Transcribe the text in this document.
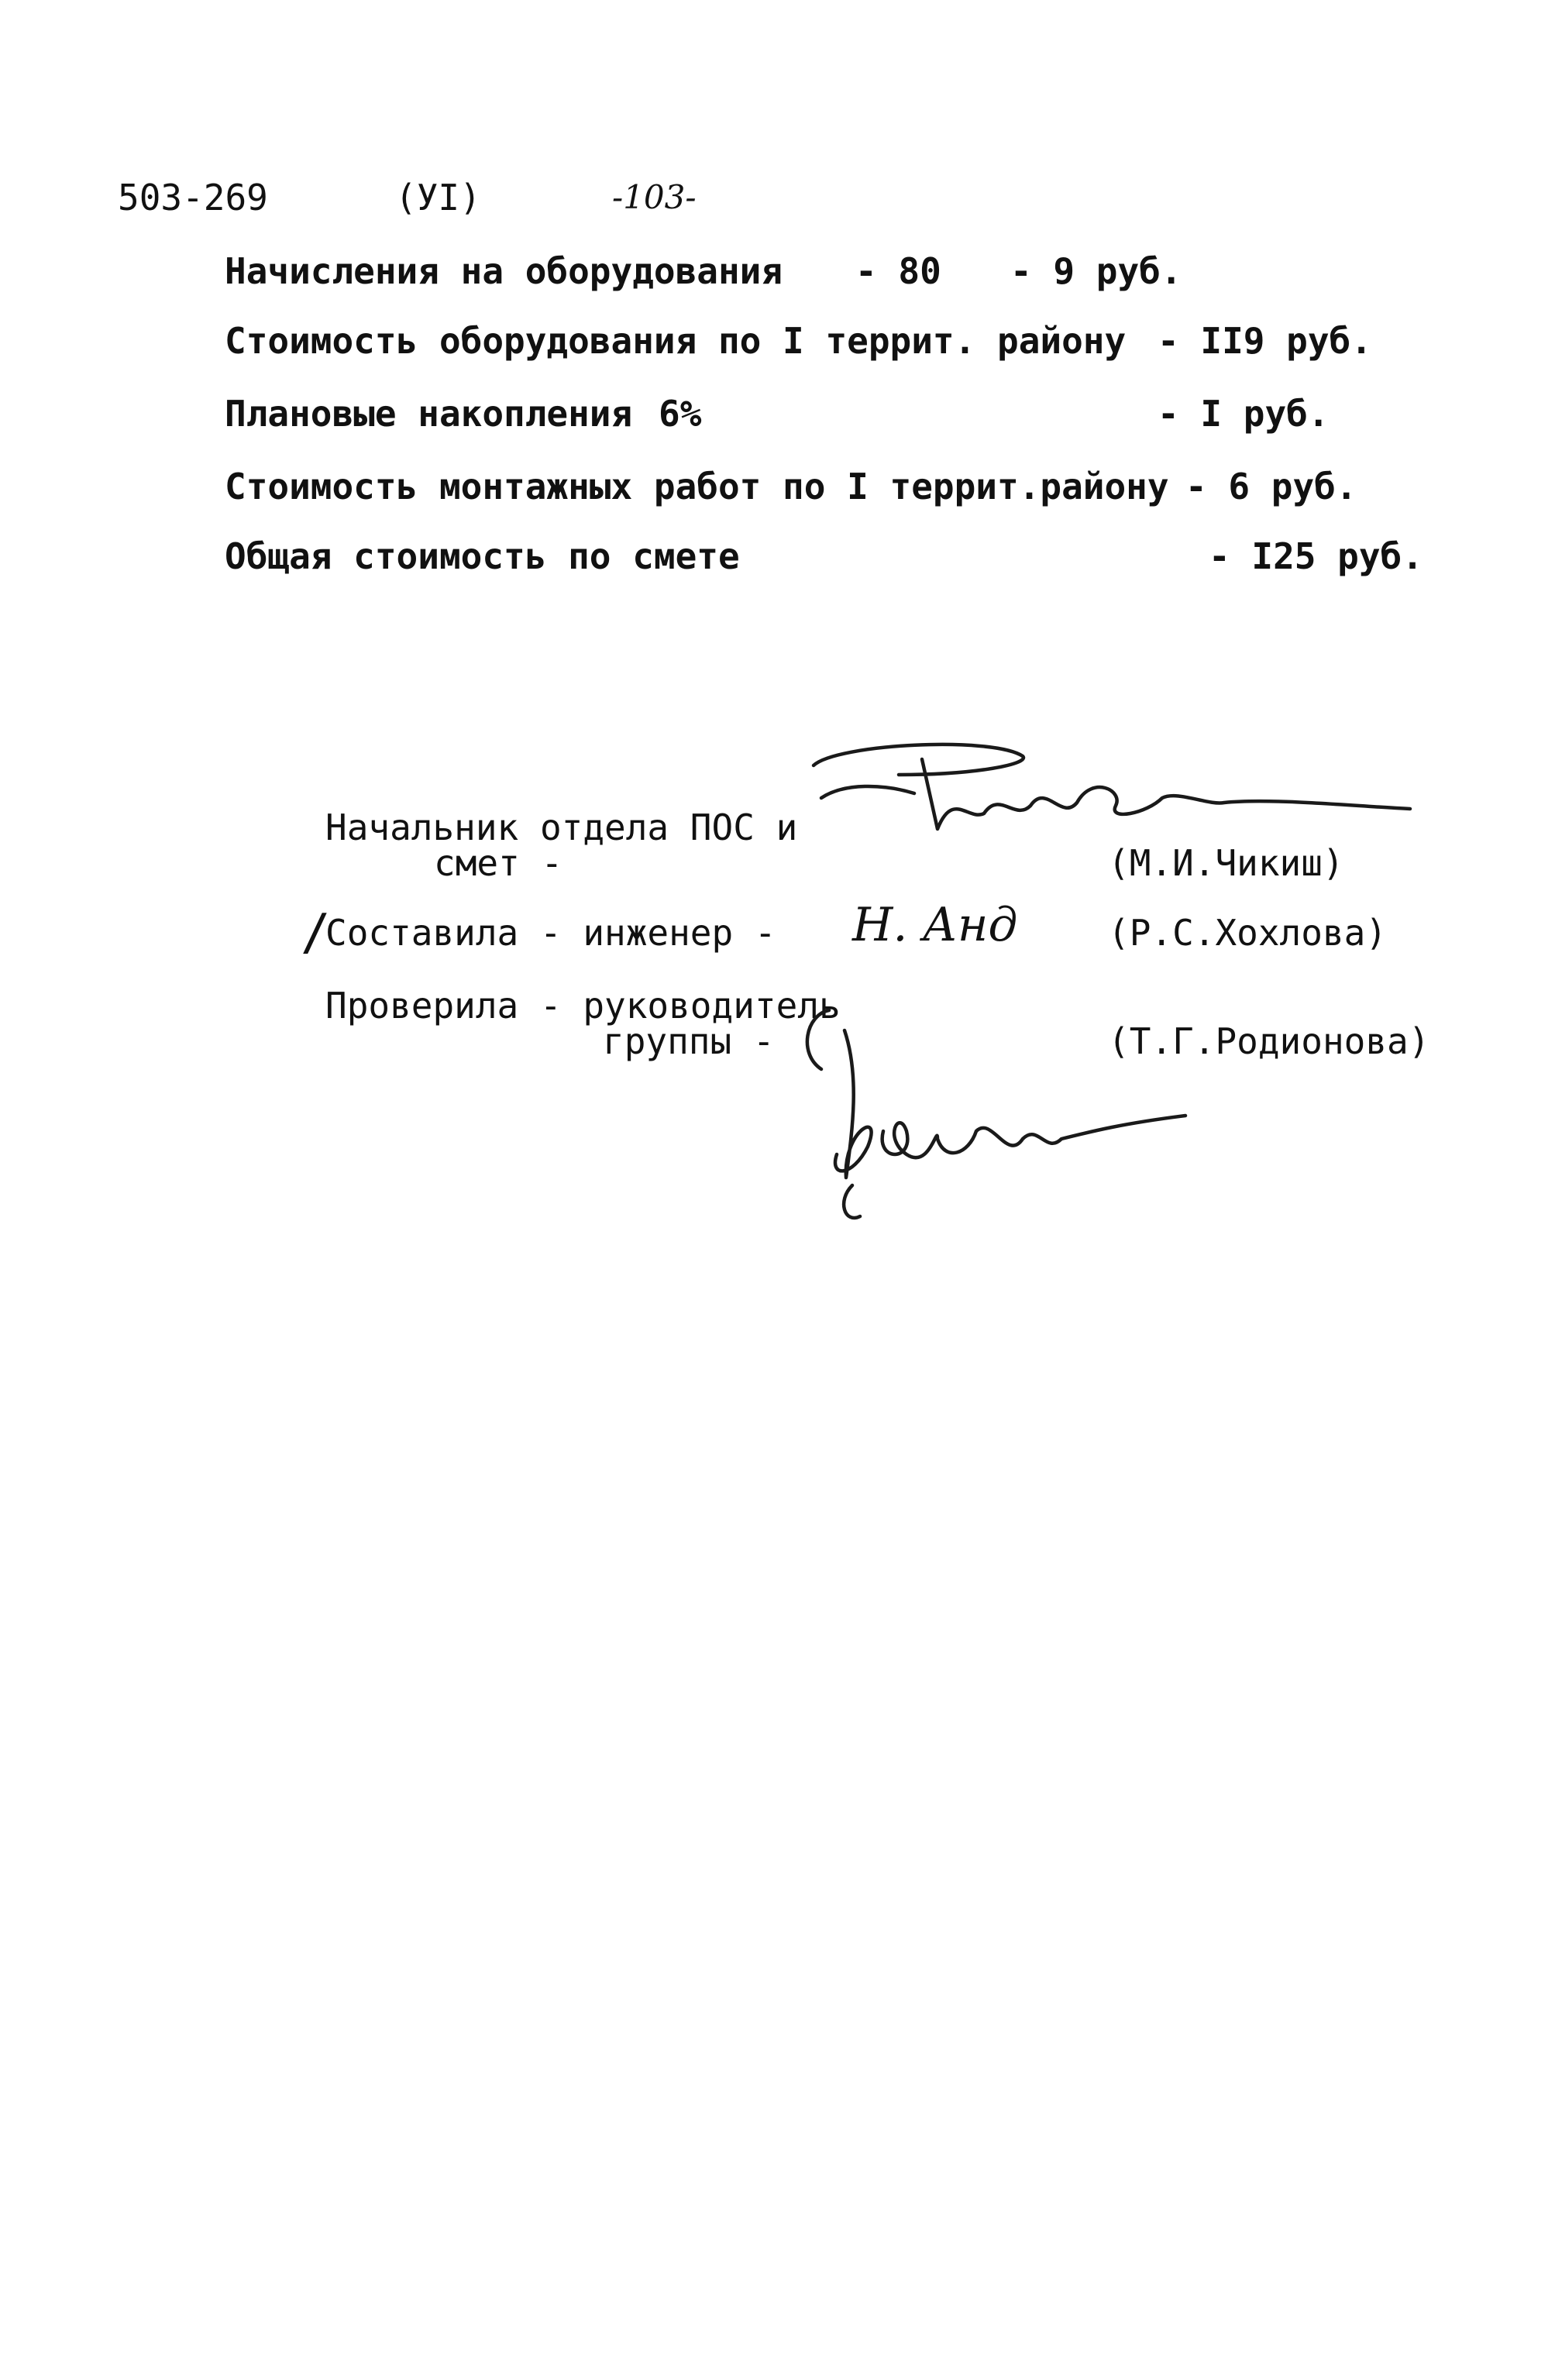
503-269	(УI)	-103-
Начисления на оборудования - 80 - 9 руб.
Стоимость оборудования по I террит. району - II9 руб.
Плановые накопления 6%	- I руб.
Стоимость монтажных работ по I террит.району - 6 руб.
Общая стоимость по смете	- I25 руб.
Начальник отдела ПОС и
смет -	(М.И.Чикиш)
/
Составила - инженер - Н. Анд	(Р.С.Хохлова)
Проверила - руководитель
группы -	(Т.Г.Родионова)
